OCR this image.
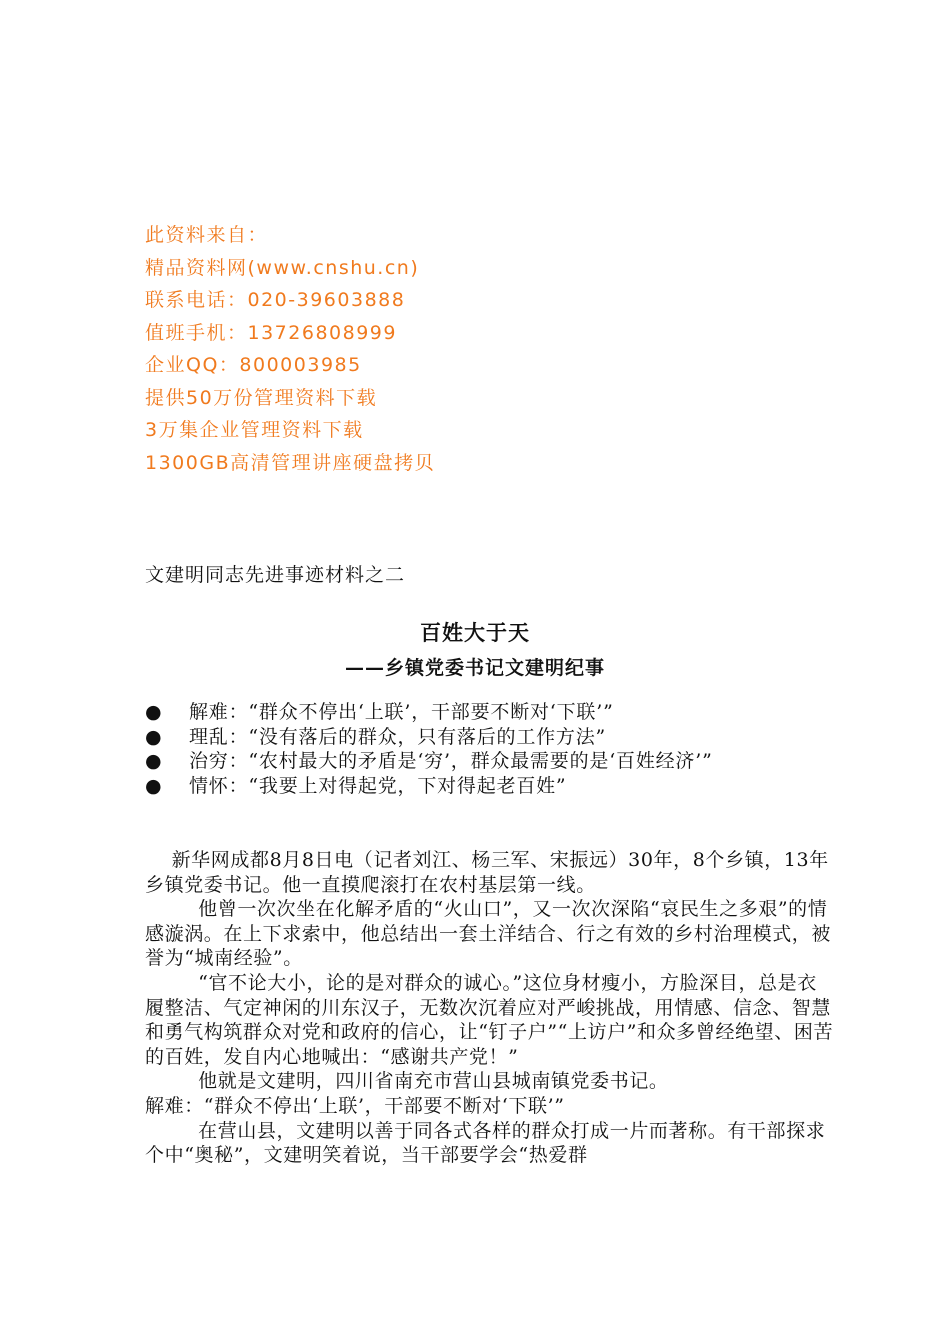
此资料来自：
精品资料网(www.cnshu.cn)
联系电话：020-39603888
值班手机：13726808999
企业QQ：800003985
提供50万份管理资料下载
3万集企业管理资料下载
1300GB高清管理讲座硬盘拷贝
文建明同志先进事迹材料之二
百姓大于天
——乡镇党委书记文建明纪事
●	解难：“群众不停出‘上联’，干部要不断对‘下联’”
●	理乱：“没有落后的群众，只有落后的工作方法”
● 治穷：“农村最大的矛盾是‘穷’，群众最需要的是‘百姓经济’”
●	情怀：“我要上对得起党，下对得起老百姓”

新华网成都8月8日电（记者刘江、杨三军、宋振远）30年，8个乡镇，13年乡镇党委书记。他一直摸爬滚打在农村基层第一线。

他曾一次次坐在化解矛盾的“火山口”，又一次次深陷“哀民生之多艰”的情感漩涡。在上下求索中，他总结出一套土洋结合、行之有效的乡村治理模式，被誉为“城南经验”。

“官不论大小，论的是对群众的诚心。”这位身材瘦小，方脸深目，总是衣履整洁、气定神闲的川东汉子，无数次沉着应对严峻挑战，用情感、信念、智慧和勇气构筑群众对党和政府的信心，让“钉子户”“上访户”和众多曾经绝望、困苦的百姓，发自内心地喊出：“感谢共产党！”

他就是文建明，四川省南充市营山县城南镇党委书记。

解难：“群众不停出‘上联’，干部要不断对‘下联’”

在营山县，文建明以善于同各式各样的群众打成一片而著称。有干部探求个中“奥秘”，文建明笑着说，当干部要学会“热爱群
